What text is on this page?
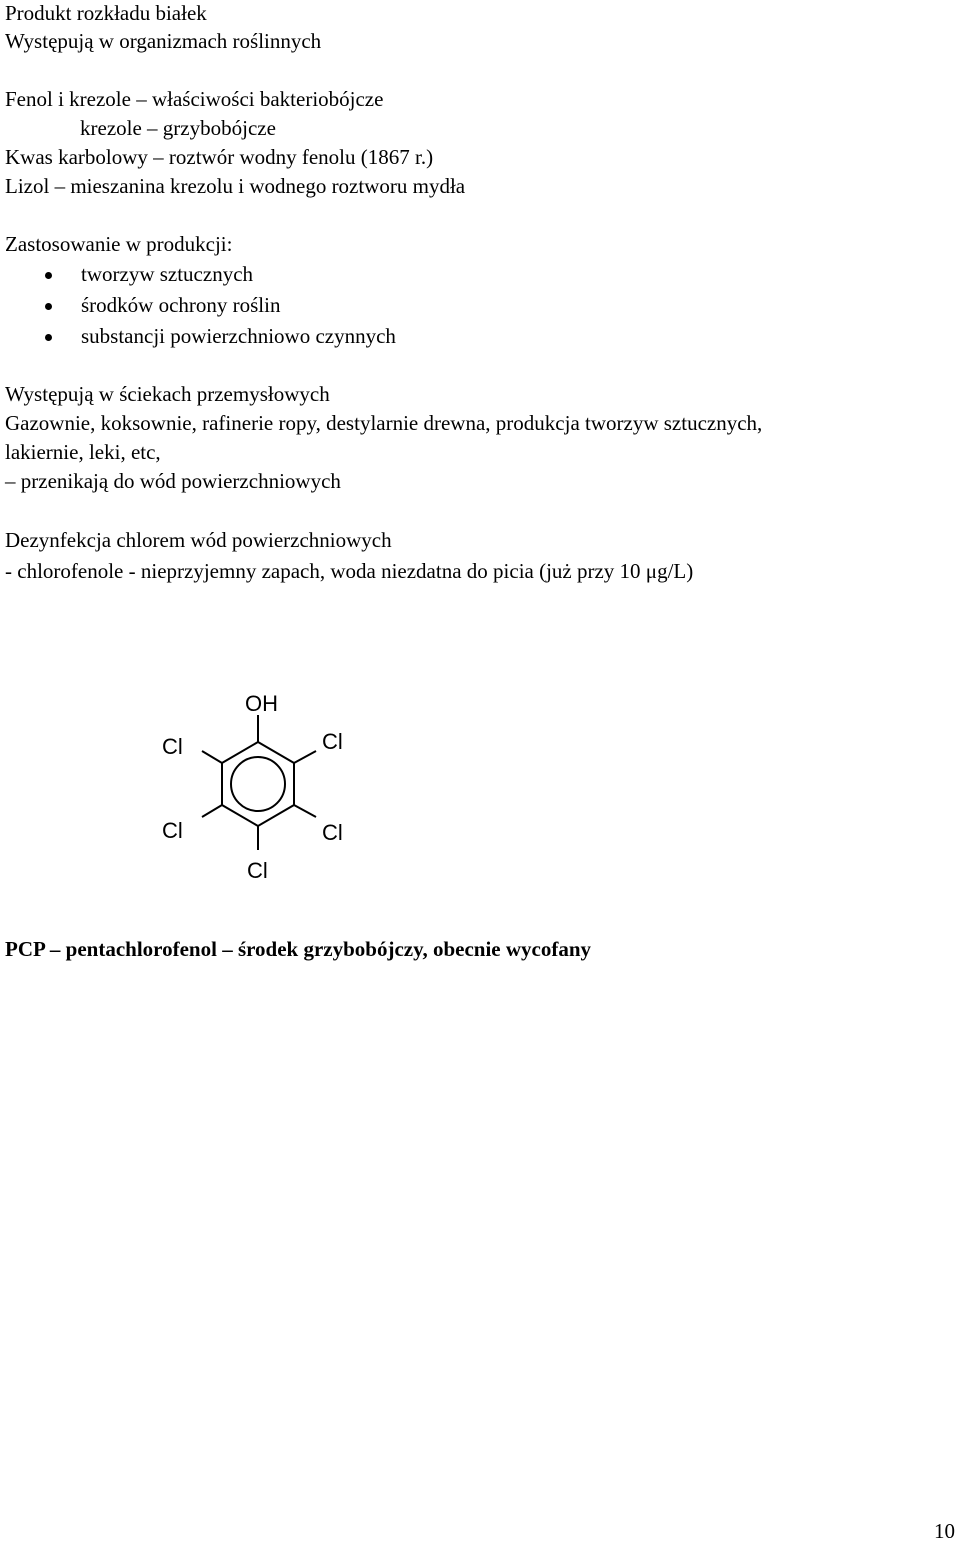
Produkt rozkładu białek
Występują w organizmach roślinnych
Fenol i krezole – właściwości bakteriobójcze
krezole – grzybobójcze
Kwas karbolowy – roztwór wodny fenolu (1867 r.)
Lizol – mieszanina krezolu i wodnego roztworu mydła
Zastosowanie w produkcji:
tworzyw sztucznych
środków ochrony roślin
substancji powierzchniowo czynnych
Występują w ściekach przemysłowych
Gazownie, koksownie, rafinerie ropy, destylarnie drewna, produkcja tworzyw sztucznych,
lakiernie, leki, etc,
– przenikają do wód powierzchniowych
Dezynfekcja chlorem wód powierzchniowych
- chlorofenole - nieprzyjemny zapach, woda niezdatna do picia (już przy 10 μg/L)
OH
Cl	Cl
Cl	Cl
Cl
PCP – pentachlorofenol – środek grzybobójczy, obecnie wycofany
10
